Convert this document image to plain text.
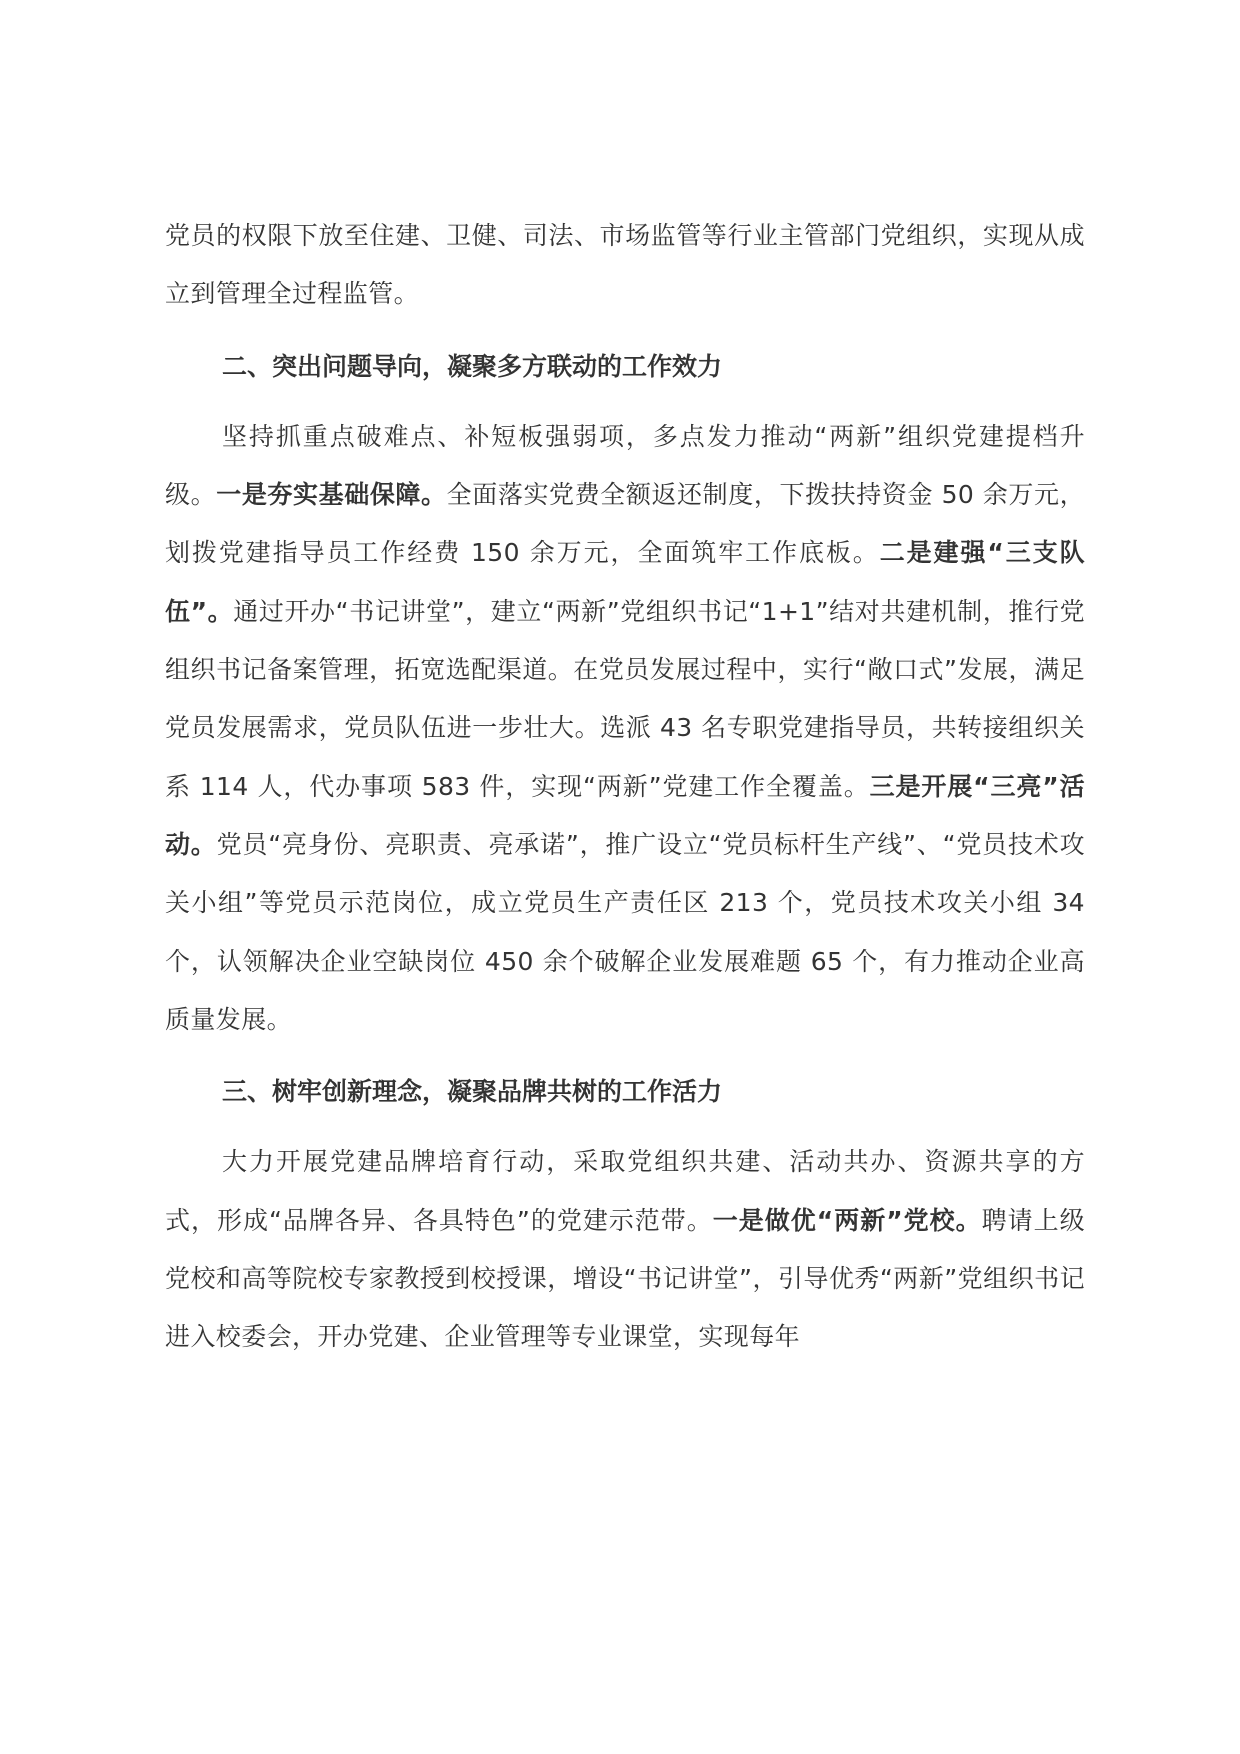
党员的权限下放至住建、卫健、司法、市场监管等行业主管部门党组织，实现从成立到管理全过程监管。

二、突出问题导向，凝聚多方联动的工作效力

坚持抓重点破难点、补短板强弱项，多点发力推动“两新”组织党建提档升级。一是夯实基础保障。全面落实党费全额返还制度，下拨扶持资金 50 余万元，划拨党建指导员工作经费 150 余万元，全面筑牢工作底板。二是建强“三支队伍”。通过开办“书记讲堂”，建立“两新”党组织书记“1+1”结对共建机制，推行党组织书记备案管理，拓宽选配渠道。在党员发展过程中，实行“敞口式”发展，满足党员发展需求，党员队伍进一步壮大。选派 43 名专职党建指导员，共转接组织关系 114 人，代办事项 583 件，实现“两新”党建工作全覆盖。三是开展“三亮”活动。党员“亮身份、亮职责、亮承诺”，推广设立“党员标杆生产线”、“党员技术攻关小组”等党员示范岗位，成立党员生产责任区 213 个，党员技术攻关小组 34 个，认领解决企业空缺岗位 450 余个破解企业发展难题 65 个，有力推动企业高质量发展。

三、树牢创新理念，凝聚品牌共树的工作活力

大力开展党建品牌培育行动，采取党组织共建、活动共办、资源共享的方式，形成“品牌各异、各具特色”的党建示范带。一是做优“两新”党校。聘请上级党校和高等院校专家教授到校授课，增设“书记讲堂”，引导优秀“两新”党组织书记进入校委会，开办党建、企业管理等专业课堂，实现每年
